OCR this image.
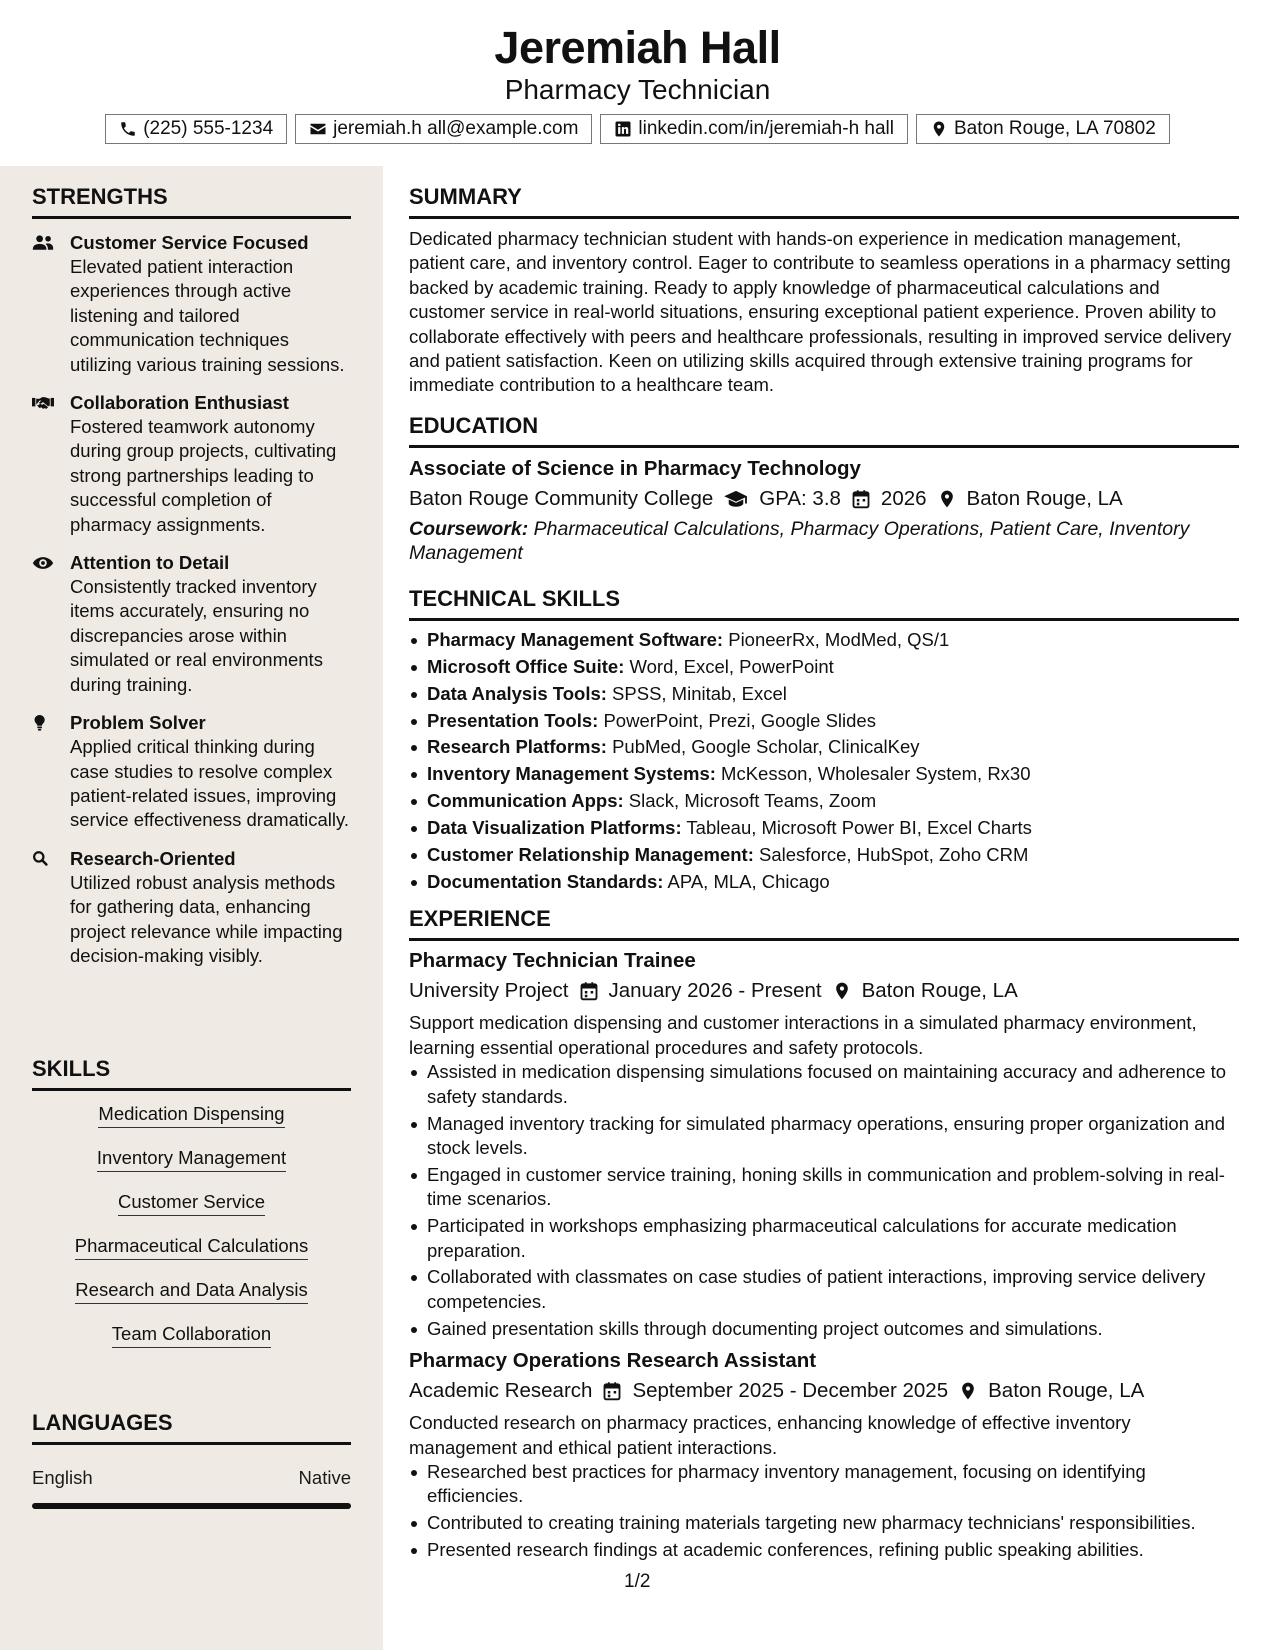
Jeremiah Hall
Pharmacy Technician
(225) 555-1234	jeremiah.h all@example.com	linkedin.com/in/jeremiah-h hall	Baton Rouge, LA 70802
STRENGTHS
Customer Service Focused
Elevated patient interaction experiences through active listening and tailored communication techniques utilizing various training sessions.
Collaboration Enthusiast
Fostered teamwork autonomy during group projects, cultivating strong partnerships leading to successful completion of pharmacy assignments.
Attention to Detail
Consistently tracked inventory items accurately, ensuring no discrepancies arose within simulated or real environments during training.
Problem Solver
Applied critical thinking during case studies to resolve complex patient-related issues, improving service effectiveness dramatically.
Research-Oriented
Utilized robust analysis methods for gathering data, enhancing project relevance while impacting decision-making visibly.
SKILLS
Medication Dispensing
Inventory Management
Customer Service
Pharmaceutical Calculations
Research and Data Analysis
Team Collaboration
LANGUAGES
English	Native
SUMMARY
Dedicated pharmacy technician student with hands-on experience in medication management, patient care, and inventory control. Eager to contribute to seamless operations in a pharmacy setting backed by academic training. Ready to apply knowledge of pharmaceutical calculations and customer service in real-world situations, ensuring exceptional patient experience. Proven ability to collaborate effectively with peers and healthcare professionals, resulting in improved service delivery and patient satisfaction. Keen on utilizing skills acquired through extensive training programs for immediate contribution to a healthcare team.
EDUCATION
Associate of Science in Pharmacy Technology
Baton Rouge Community College GPA: 3.8 2026 Baton Rouge, LA
Coursework: Pharmaceutical Calculations, Pharmacy Operations, Patient Care, Inventory Management
TECHNICAL SKILLS
Pharmacy Management Software: PioneerRx, ModMed, QS/1
Microsoft Office Suite: Word, Excel, PowerPoint
Data Analysis Tools: SPSS, Minitab, Excel
Presentation Tools: PowerPoint, Prezi, Google Slides
Research Platforms: PubMed, Google Scholar, ClinicalKey
Inventory Management Systems: McKesson, Wholesaler System, Rx30
Communication Apps: Slack, Microsoft Teams, Zoom
Data Visualization Platforms: Tableau, Microsoft Power BI, Excel Charts
Customer Relationship Management: Salesforce, HubSpot, Zoho CRM
Documentation Standards: APA, MLA, Chicago
EXPERIENCE
Pharmacy Technician Trainee
University Project January 2026 - Present Baton Rouge, LA
Support medication dispensing and customer interactions in a simulated pharmacy environment, learning essential operational procedures and safety protocols.
Assisted in medication dispensing simulations focused on maintaining accuracy and adherence to safety standards.
Managed inventory tracking for simulated pharmacy operations, ensuring proper organization and stock levels.
Engaged in customer service training, honing skills in communication and problem-solving in real-time scenarios.
Participated in workshops emphasizing pharmaceutical calculations for accurate medication preparation.
Collaborated with classmates on case studies of patient interactions, improving service delivery competencies.
Gained presentation skills through documenting project outcomes and simulations.
Pharmacy Operations Research Assistant
Academic Research September 2025 - December 2025 Baton Rouge, LA
Conducted research on pharmacy practices, enhancing knowledge of effective inventory management and ethical patient interactions.
Researched best practices for pharmacy inventory management, focusing on identifying efficiencies.
Contributed to creating training materials targeting new pharmacy technicians' responsibilities.
Presented research findings at academic conferences, refining public speaking abilities.
1/2
